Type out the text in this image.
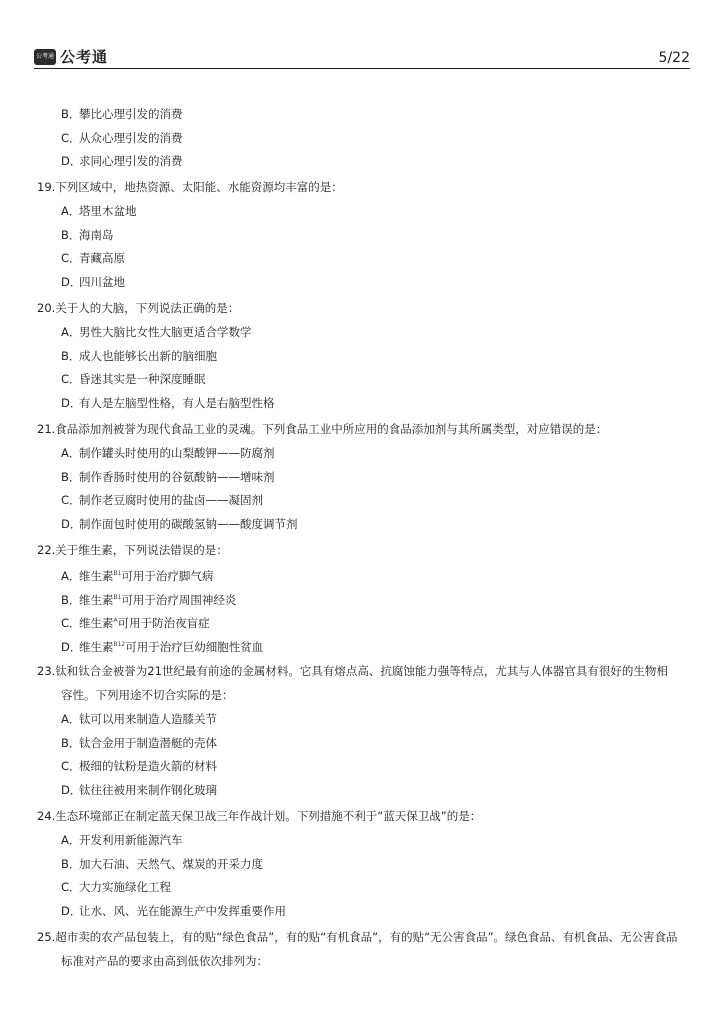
公考通 公考通	5/22
B．攀比心理引发的消费
C．从众心理引发的消费
D．求同心理引发的消费
19.下列区域中，地热资源、太阳能、水能资源均丰富的是：
A．塔里木盆地
B．海南岛
C．青藏高原
D．四川盆地
20.关于人的大脑，下列说法正确的是：
A．男性大脑比女性大脑更适合学数学
B．成人也能够长出新的脑细胞
C．昏迷其实是一种深度睡眠
D．有人是左脑型性格，有人是右脑型性格
21.食品添加剂被誉为现代食品工业的灵魂。下列食品工业中所应用的食品添加剂与其所属类型，对应错误的是：
A．制作罐头时使用的山梨酸钾——防腐剂
B．制作香肠时使用的谷氨酸钠——增味剂
C．制作老豆腐时使用的盐卤——凝固剂
D．制作面包时使用的碳酸氢钠——酸度调节剂
22.关于维生素，下列说法错误的是：
A．维生素$^{B1}$可用于治疗脚气病
B．维生素$^{B1}$可用于治疗周围神经炎
C．维生素$^A$可用于防治夜盲症
D．维生素$^{B12}$可用于治疗巨幼细胞性贫血
23.钛和钛合金被誉为21世纪最有前途的金属材料。它具有熔点高、抗腐蚀能力强等特点，尤其与人体器官具有很好的生物相
容性。下列用途不切合实际的是：
A．钛可以用来制造人造膝关节
B．钛合金用于制造潜艇的壳体
C．极细的钛粉是造火箭的材料
D．钛往往被用来制作钢化玻璃
24.生态环境部正在制定蓝天保卫战三年作战计划。下列措施不利于“蓝天保卫战”的是：
A．开发利用新能源汽车
B．加大石油、天然气、煤炭的开采力度
C．大力实施绿化工程
D．让水、风、光在能源生产中发挥重要作用
25.超市卖的农产品包装上，有的贴“绿色食品”，有的贴“有机食品”，有的贴“无公害食品”。绿色食品、有机食品、无公害食品
标准对产品的要求由高到低依次排列为：
